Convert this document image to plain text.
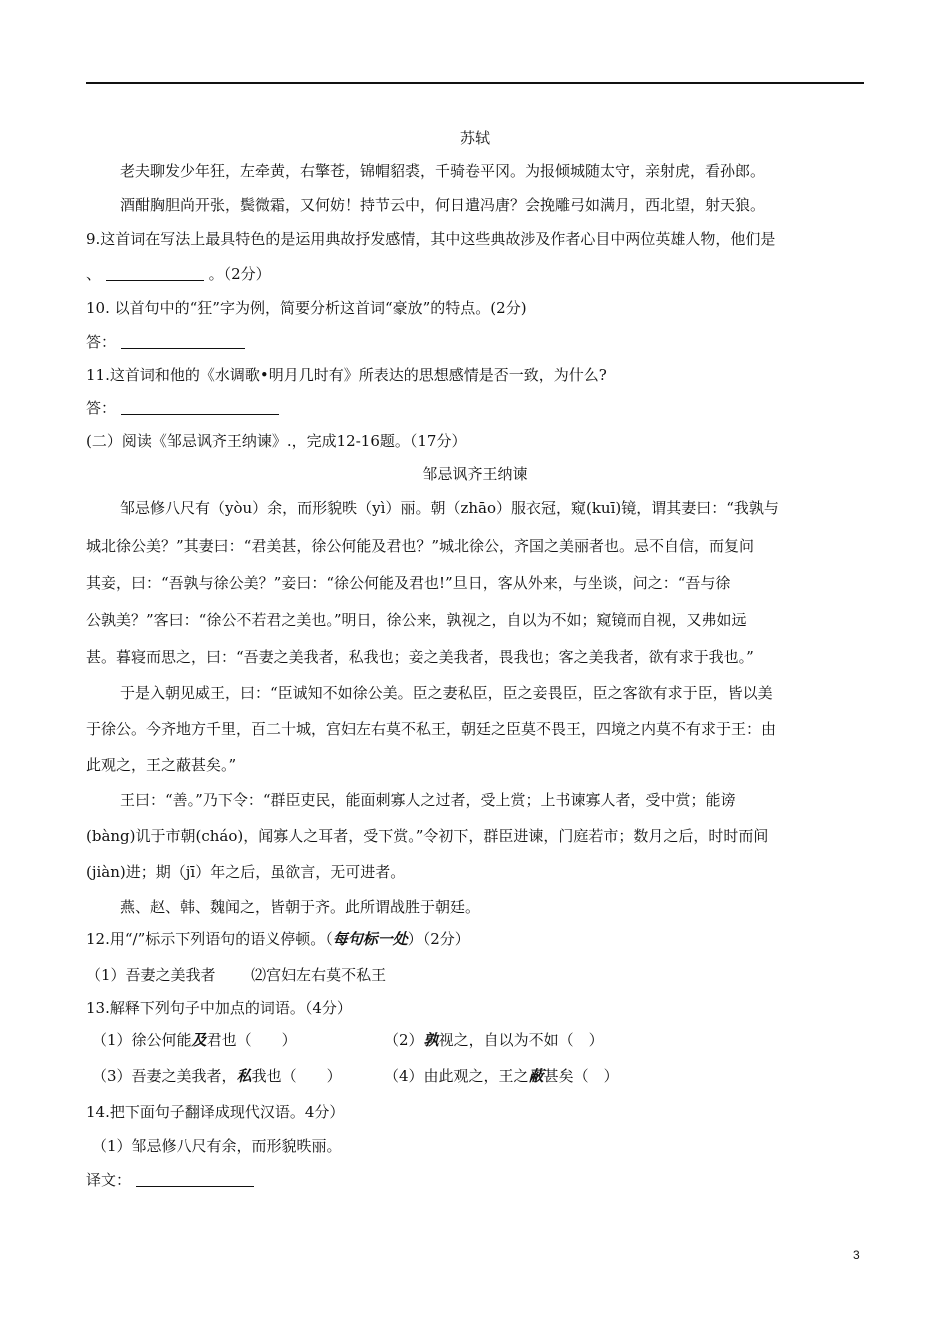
苏轼
老夫聊发少年狂，左牵黄，右擎苍，锦帽貂裘，千骑卷平冈。为报倾城随太守，亲射虎，看孙郎。
酒酣胸胆尚开张，鬓微霜，又何妨！持节云中，何日遣冯唐？会挽雕弓如满月，西北望，射天狼。
9.这首词在写法上最具特色的是运用典故抒发感情，其中这些典故涉及作者心目中两位英雄人物，他们是
、	。（2分）
10. 以首句中的“狂”字为例，简要分析这首词“豪放”的特点。(2分)
答：
11.这首词和他的《水调歌•明月几时有》所表达的思想感情是否一致，为什么?
答：
(二）阅读《邹忌讽齐王纳谏》.，完成12-16题。（17分）
邹忌讽齐王纳谏
邹忌修八尺有（yòu）余，而形貌昳（yì）丽。朝（zhāo）服衣冠，窥(kuī)镜，谓其妻曰：“我孰与
城北徐公美？”其妻曰：“君美甚，徐公何能及君也？”城北徐公，齐国之美丽者也。忌不自信，而复问
其妾，曰：“吾孰与徐公美？”妾曰：“徐公何能及君也!”旦日，客从外来，与坐谈，问之：“吾与徐
公孰美？”客曰：“徐公不若君之美也。”明日，徐公来，孰视之，自以为不如；窥镜而自视，又弗如远
甚。暮寝而思之，曰：“吾妻之美我者，私我也；妾之美我者，畏我也；客之美我者，欲有求于我也。”
于是入朝见威王，曰：“臣诚知不如徐公美。臣之妻私臣，臣之妾畏臣，臣之客欲有求于臣，皆以美
于徐公。今齐地方千里，百二十城，宫妇左右莫不私王，朝廷之臣莫不畏王，四境之内莫不有求于王：由
此观之，王之蔽甚矣。”
王曰：“善。”乃下令：“群臣吏民，能面刺寡人之过者，受上赏；上书谏寡人者，受中赏；能谤
(bàng)讥于市朝(cháo)，闻寡人之耳者，受下赏。”令初下，群臣进谏，门庭若市；数月之后，时时而间
(jiàn)进；期（jī）年之后，虽欲言，无可进者。
燕、赵、韩、魏闻之，皆朝于齐。此所谓战胜于朝廷。
12.用“/”标示下列语句的语义停顿。（每句标一处）（2分）
（1）吾妻之美我者 ⑵宫妇左右莫不私王
13.解释下列句子中加点的词语。（4分）
（1）徐公何能及君也（　　）	（2）孰视之，自以为不如（　）
（3）吾妻之美我者，私我也（　　）	（4）由此观之，王之蔽甚矣（　）
14.把下面句子翻译成现代汉语。4分）
（1）邹忌修八尺有余，而形貌昳丽。
译文：
3
